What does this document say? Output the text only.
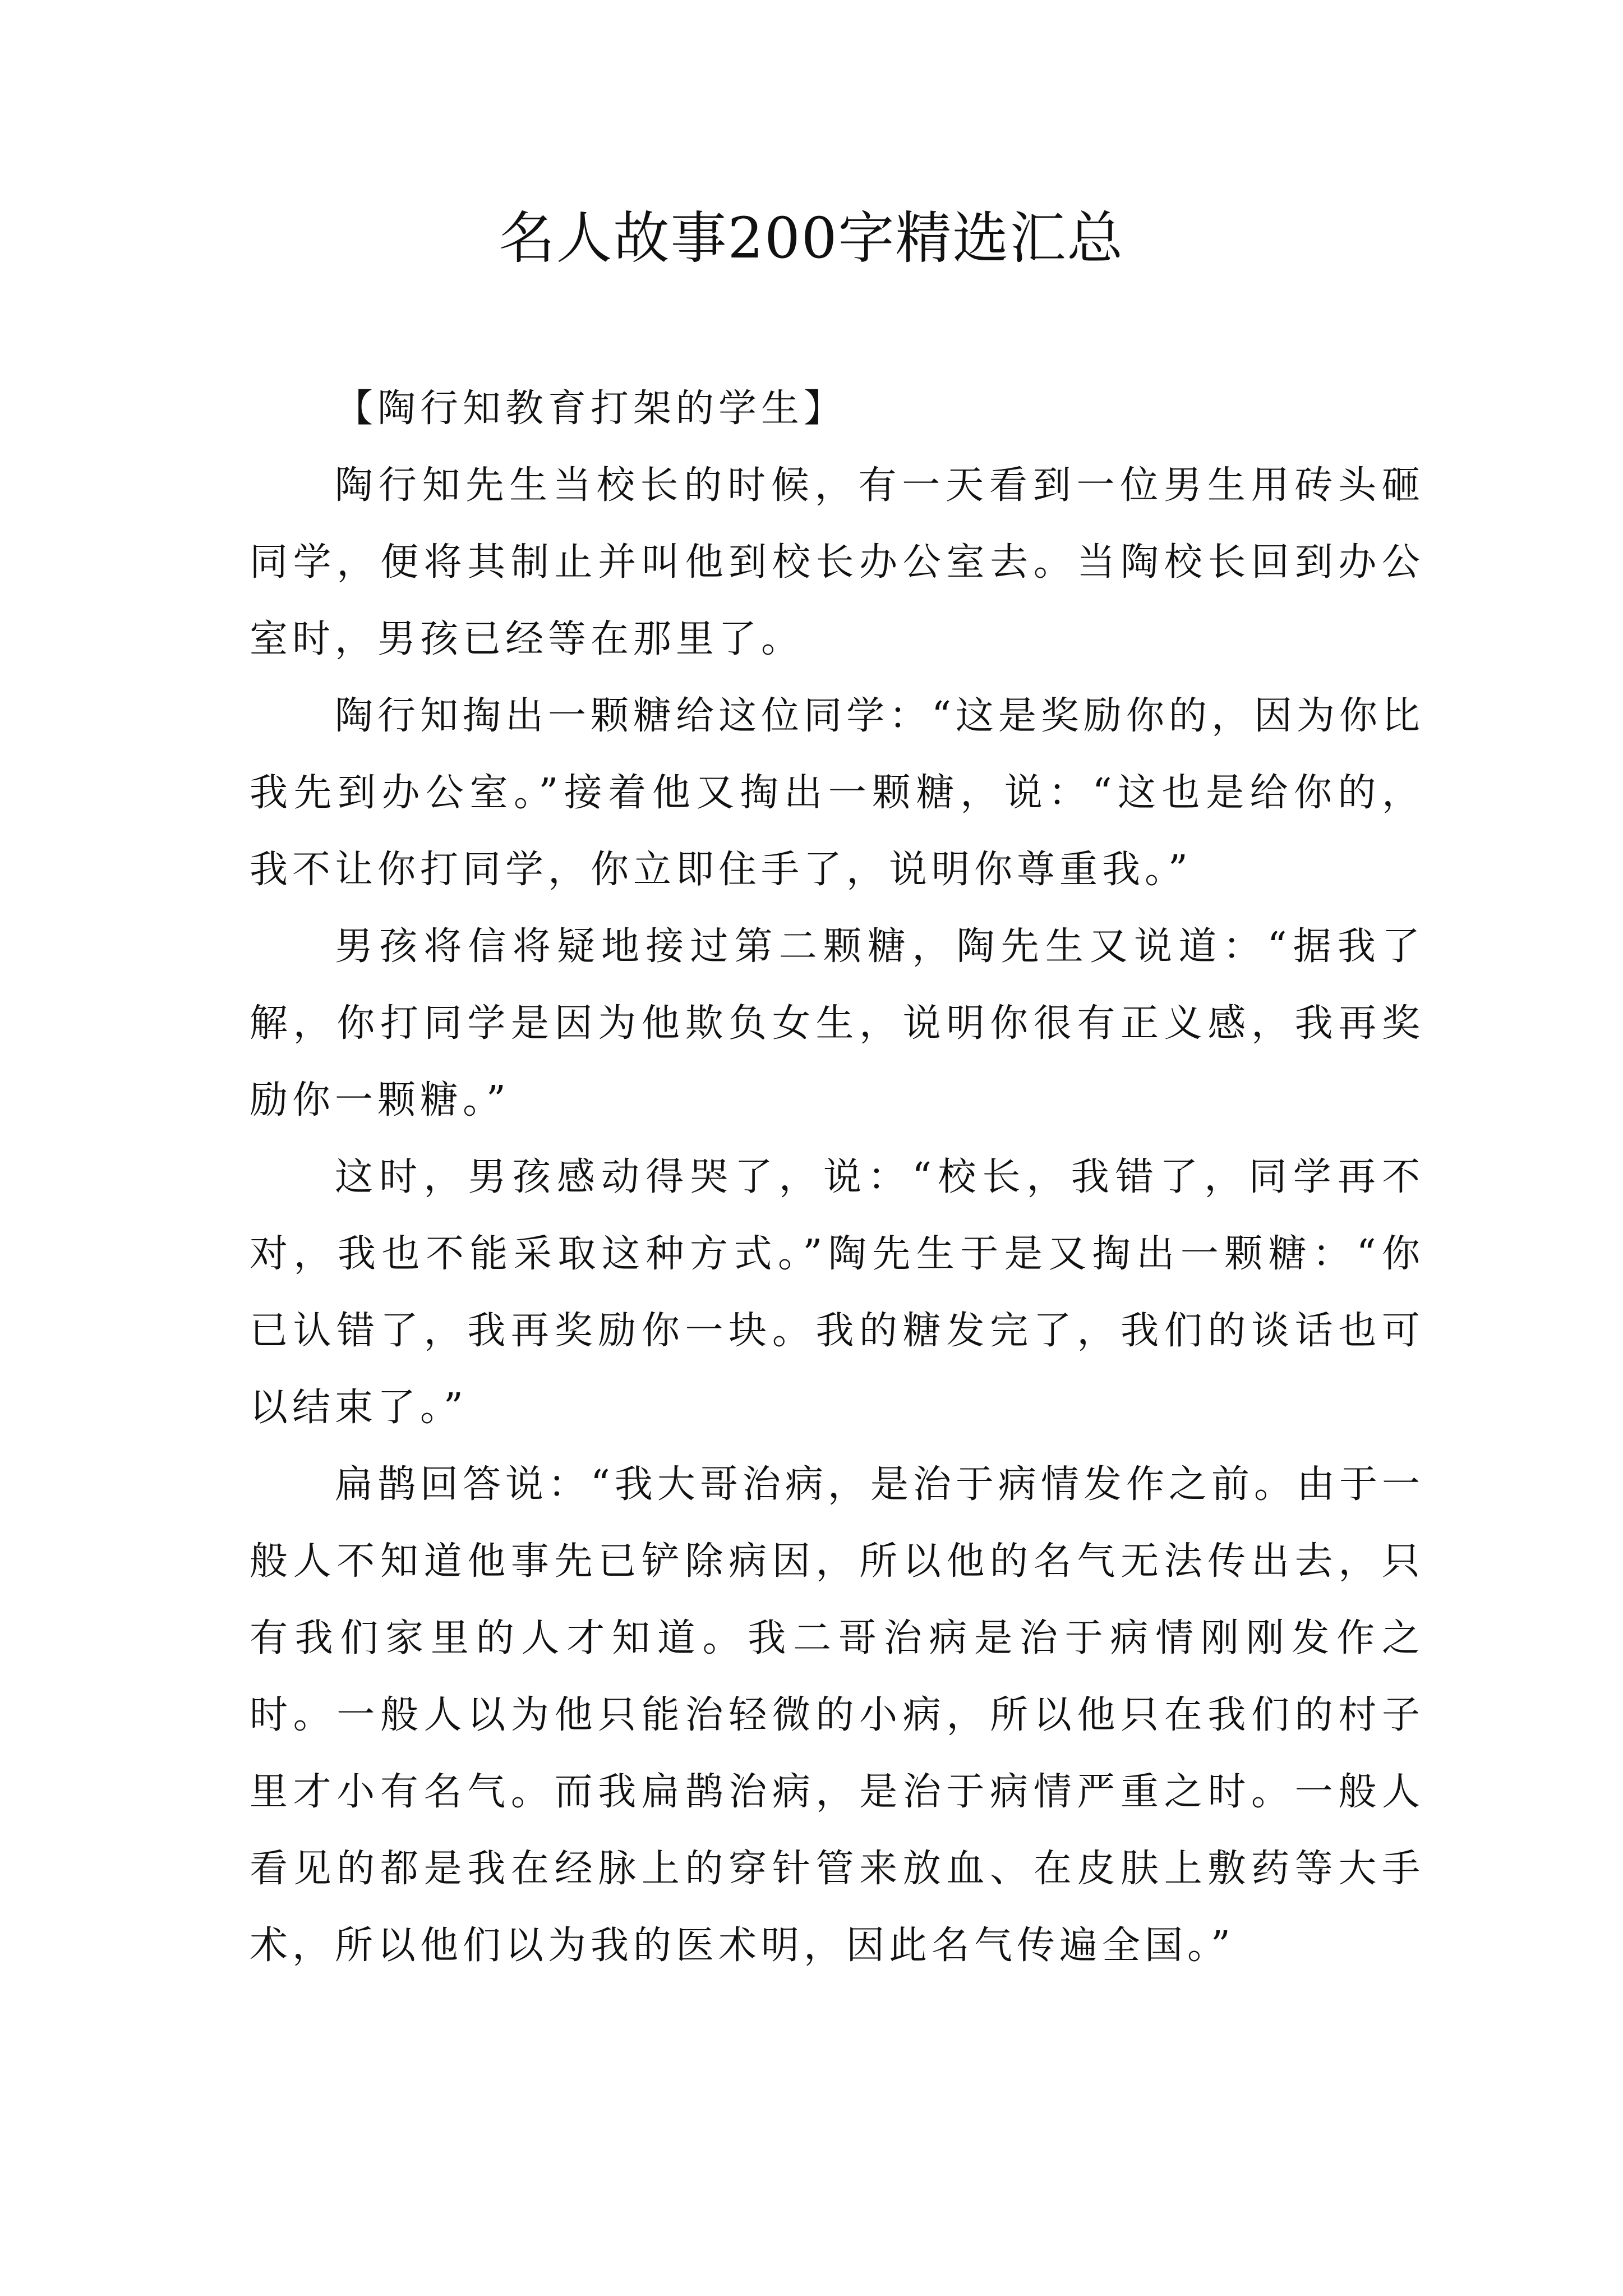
名人故事200字精选汇总

【陶行知教育打架的学生】

陶行知先生当校长的时候，有一天看到一位男生用砖头砸同学，便将其制止并叫他到校长办公室去。当陶校长回到办公室时，男孩已经等在那里了。

陶行知掏出一颗糖给这位同学：“这是奖励你的，因为你比我先到办公室。”接着他又掏出一颗糖，说：“这也是给你的，我不让你打同学，你立即住手了，说明你尊重我。”

男孩将信将疑地接过第二颗糖，陶先生又说道：“据我了解，你打同学是因为他欺负女生，说明你很有正义感，我再奖励你一颗糖。”

这时，男孩感动得哭了，说：“校长，我错了，同学再不对，我也不能采取这种方式。”陶先生于是又掏出一颗糖：“你已认错了，我再奖励你一块。我的糖发完了，我们的谈话也可以结束了。”

扁鹊回答说：“我大哥治病，是治于病情发作之前。由于一般人不知道他事先已铲除病因，所以他的名气无法传出去，只有我们家里的人才知道。我二哥治病是治于病情刚刚发作之时。一般人以为他只能治轻微的小病，所以他只在我们的村子里才小有名气。而我扁鹊治病，是治于病情严重之时。一般人看见的都是我在经脉上的穿针管来放血、在皮肤上敷药等大手术，所以他们以为我的医术明，因此名气传遍全国。”
